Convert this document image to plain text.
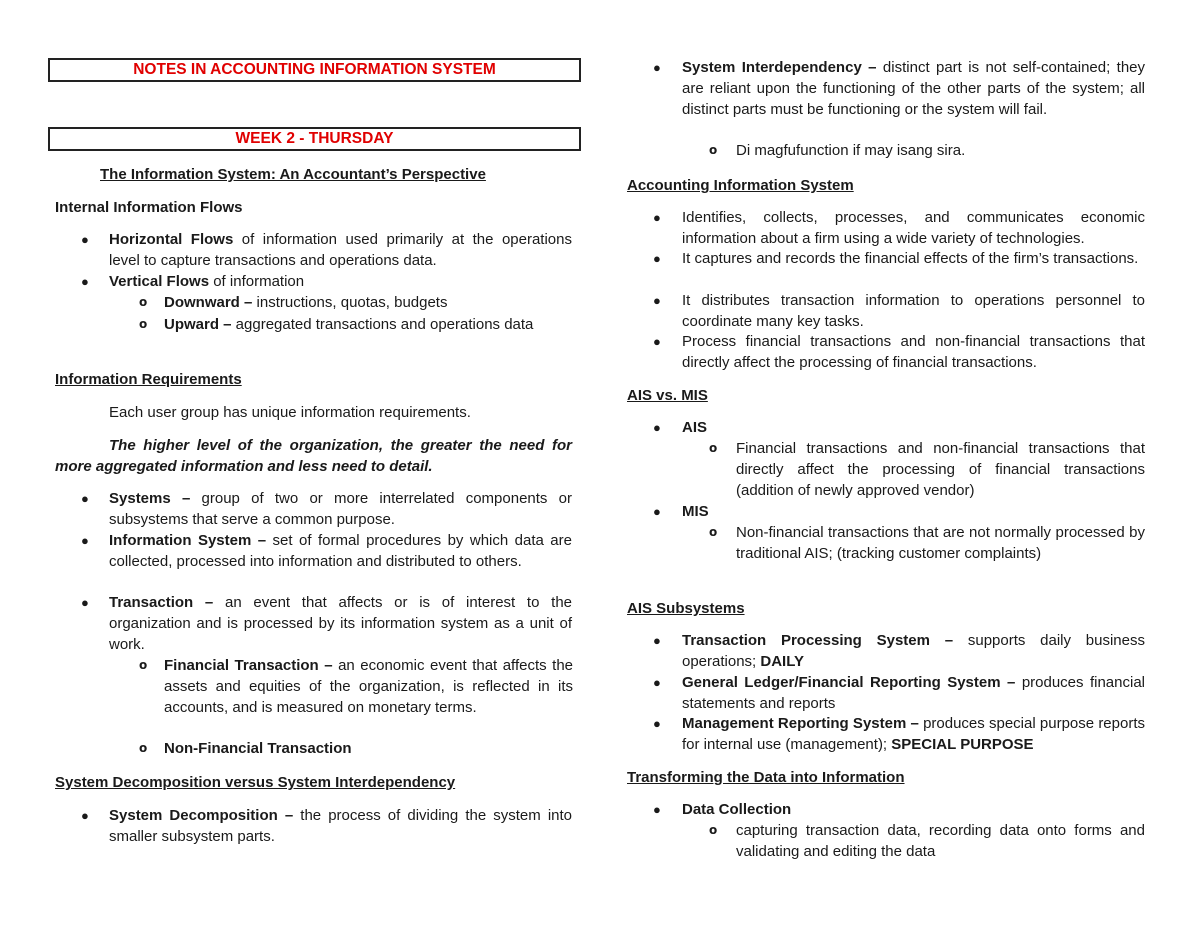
NOTES IN ACCOUNTING INFORMATION SYSTEM
WEEK 2 - THURSDAY
The Information System: An Accountant’s Perspective
Internal Information Flows
● Horizontal Flows of information used primarily at the operations level to capture transactions and operations data.
● Vertical Flows of information
o Downward – instructions, quotas, budgets
o Upward – aggregated transactions and operations data
Information Requirements
Each user group has unique information requirements.
The higher level of the organization, the greater the need for more aggregated information and less need to detail.
● Systems – group of two or more interrelated components or subsystems that serve a common purpose.
● Information System – set of formal procedures by which data are collected, processed into information and distributed to others.
● Transaction – an event that affects or is of interest to the organization and is processed by its information system as a unit of work.
o Financial Transaction – an economic event that affects the assets and equities of the organization, is reflected in its accounts, and is measured on monetary terms.
o Non-Financial Transaction
System Decomposition versus System Interdependency
● System Decomposition – the process of dividing the system into smaller subsystem parts.
● System Interdependency – distinct part is not self-contained; they are reliant upon the functioning of the other parts of the system; all distinct parts must be functioning or the system will fail.
o Di magfufunction if may isang sira.
Accounting Information System
● Identifies, collects, processes, and communicates economic information about a firm using a wide variety of technologies.
● It captures and records the financial effects of the firm’s transactions.
● It distributes transaction information to operations personnel to coordinate many key tasks.
● Process financial transactions and non-financial transactions that directly affect the processing of financial transactions.
AIS vs. MIS
● AIS
o Financial transactions and non-financial transactions that directly affect the processing of financial transactions (addition of newly approved vendor)
● MIS
o Non-financial transactions that are not normally processed by traditional AIS; (tracking customer complaints)
AIS Subsystems
● Transaction Processing System – supports daily business operations; DAILY
● General Ledger/Financial Reporting System – produces financial statements and reports
● Management Reporting System – produces special purpose reports for internal use (management); SPECIAL PURPOSE
Transforming the Data into Information
● Data Collection
o capturing transaction data, recording data onto forms and validating and editing the data
